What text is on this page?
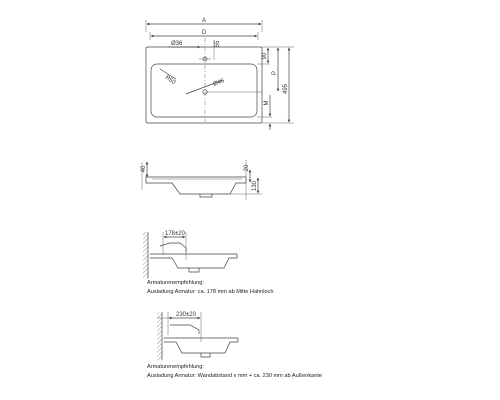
A
D
Ø36	55
R50	Ø46
90
P
495
M
40	20
130
178±20
230±20
Armaturenempfehlung:
Ausladung Armatur: ca. 178 mm ab Mitte Hahnloch
Armaturenempfehlung:
Ausladung Armatur: Wandabstand x mm + ca. 230 mm ab Außenkante
